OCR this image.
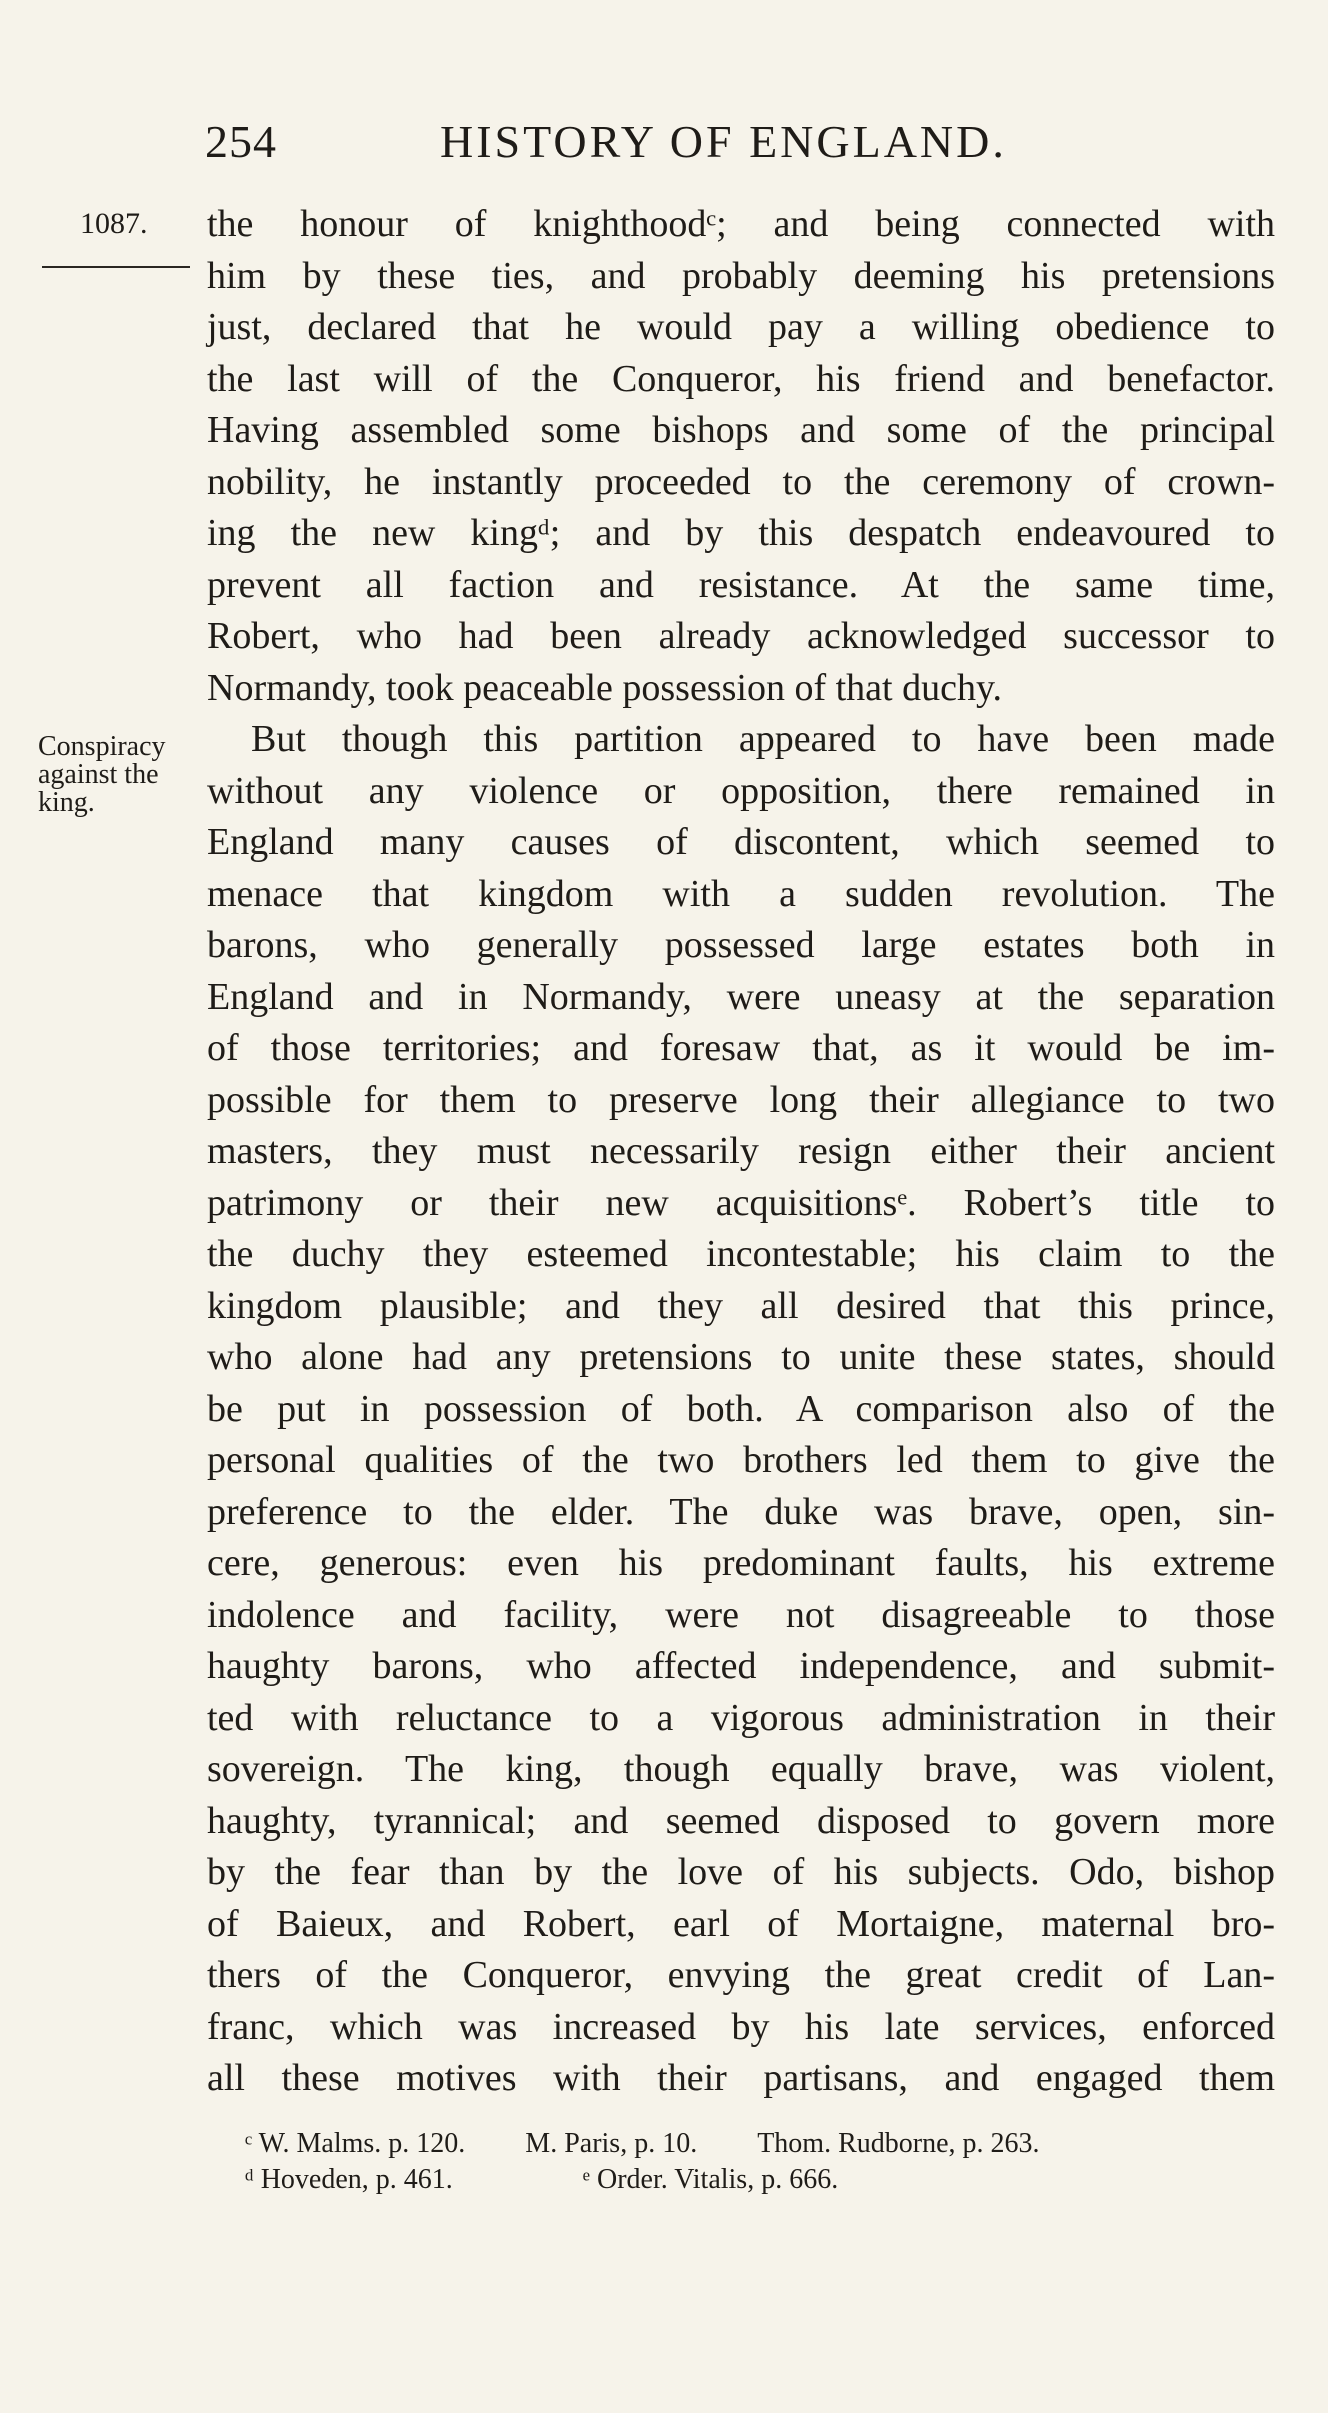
254	HISTORY OF ENGLAND.
1087.

Conspiracy
against the
king.

the honour of knighthoodᶜ; and being connected with
him by these ties, and probably deeming his pretensions
just, declared that he would pay a willing obedience to
the last will of the Conqueror, his friend and benefactor.
Having assembled some bishops and some of the principal
nobility, he instantly proceeded to the ceremony of crown-
ing the new kingᵈ; and by this despatch endeavoured to
prevent all faction and resistance. At the same time,
Robert, who had been already acknowledged successor to
Normandy, took peaceable possession of that duchy.
But though this partition appeared to have been made
without any violence or opposition, there remained in
England many causes of discontent, which seemed to
menace that kingdom with a sudden revolution. The
barons, who generally possessed large estates both in
England and in Normandy, were uneasy at the separation
of those territories; and foresaw that, as it would be im-
possible for them to preserve long their allegiance to two
masters, they must necessarily resign either their ancient
patrimony or their new acquisitionsᵉ. Robert’s title to
the duchy they esteemed incontestable; his claim to the
kingdom plausible; and they all desired that this prince,
who alone had any pretensions to unite these states, should
be put in possession of both. A comparison also of the
personal qualities of the two brothers led them to give the
preference to the elder. The duke was brave, open, sin-
cere, generous: even his predominant faults, his extreme
indolence and facility, were not disagreeable to those
haughty barons, who affected independence, and submit-
ted with reluctance to a vigorous administration in their
sovereign. The king, though equally brave, was violent,
haughty, tyrannical; and seemed disposed to govern more
by the fear than by the love of his subjects. Odo, bishop
of Baieux, and Robert, earl of Mortaigne, maternal bro-
thers of the Conqueror, envying the great credit of Lan-
franc, which was increased by his late services, enforced
all these motives with their partisans, and engaged them
ᶜ W. Malms. p. 120. M. Paris, p. 10. Thom. Rudborne, p. 263.
ᵈ Hoveden, p. 461.	ᵉ Order. Vitalis, p. 666.
